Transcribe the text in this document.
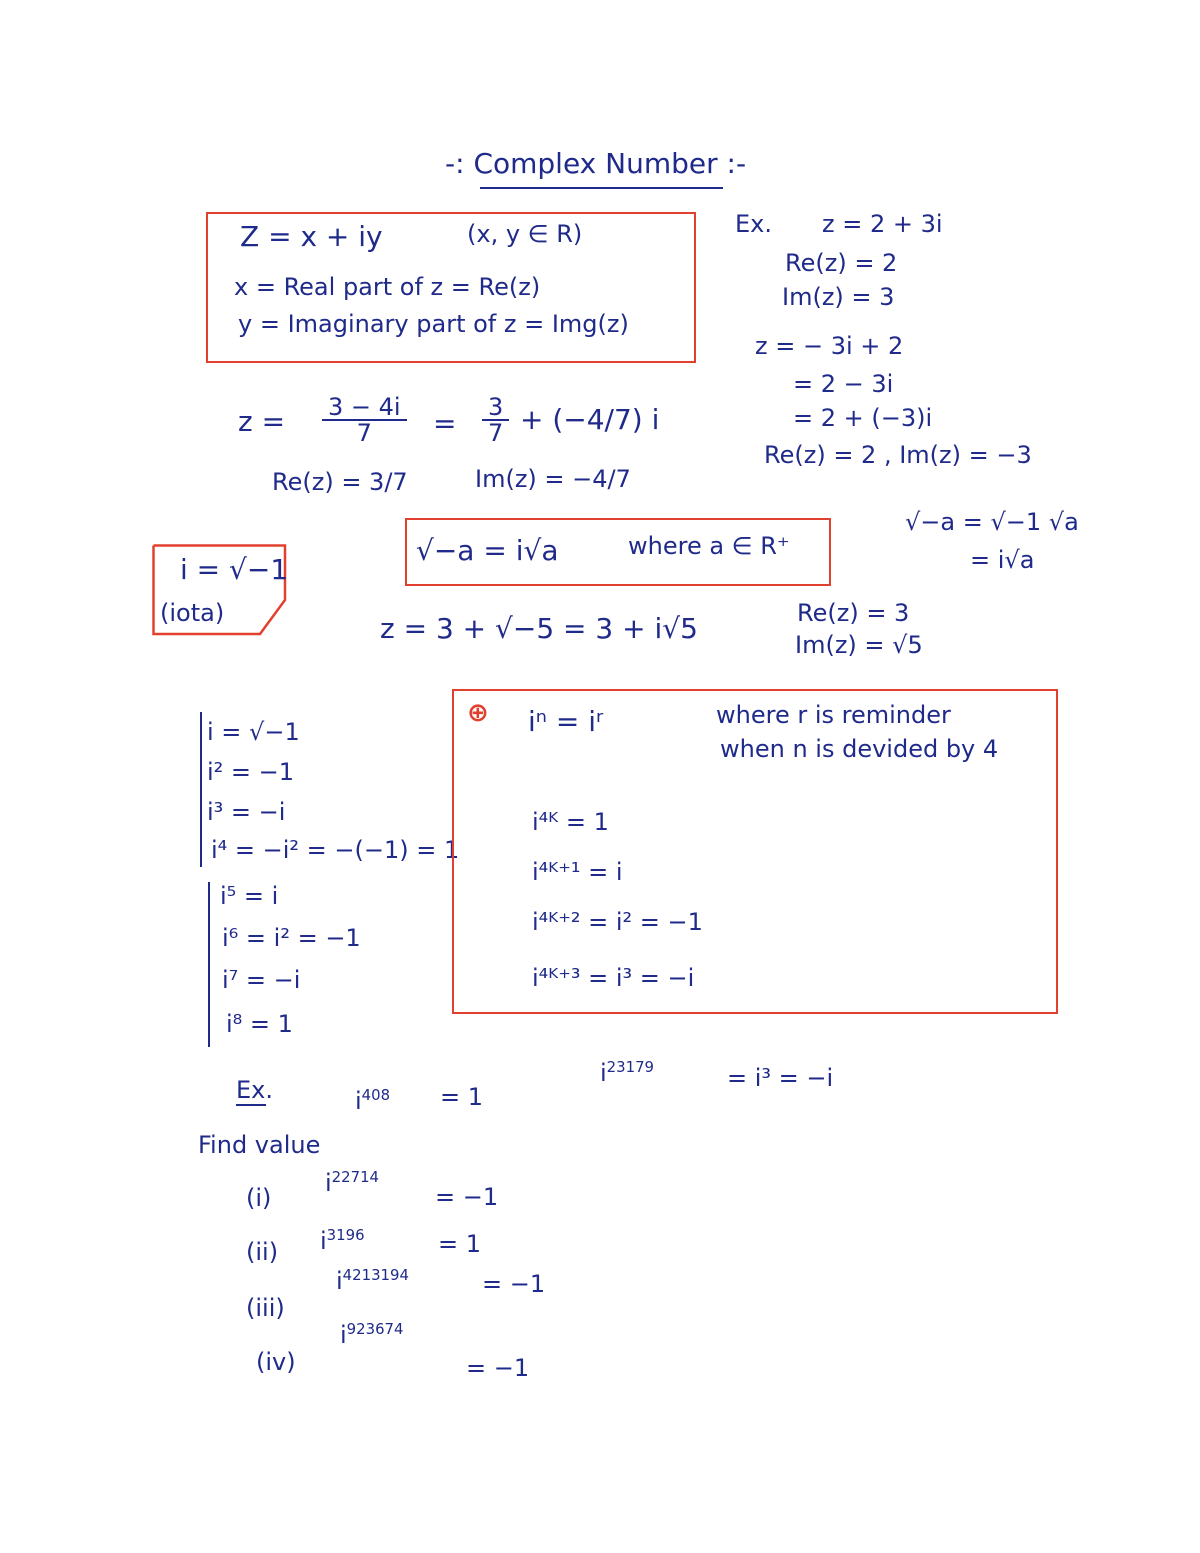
-: Complex Number :-
Z = x + iy	(x, y ∈ R)
x = Real part of z = Re(z)
y = Imaginary part of z = Img(z)
Ex. z = 2 + 3i
Re(z) = 2
Im(z) = 3
z = − 3i + 2
= 2 − 3i
= 2 + (−3)i
Re(z) = 2 , Im(z) = −3
$z = \frac{3 - 4i}{7} = \frac{3}{7} + (-4/7)$ i
Re(z) = 3/7	Im(z) = −4/7
√−a = √−1 √a
= i√a
i = √−1
(iota)
√−a = i√a	where a ∈ R⁺
z = 3 + √−5 = 3 + i√5	Re(z) = 3
Im(z) = √5
i = √−1
i² = −1
i³ = −i
i⁴ = −i² = −(−1) = 1
i⁵ = i
i⁶ = i² = −1
i⁷ = −i
i⁸ = 1
⊕ iⁿ = iʳ	where r is reminder
when n is devided by 4
i⁴ᴷ = 1
i⁴ᴷ⁺¹ = i
i⁴ᴷ⁺² = i² = −1
i⁴ᴷ⁺³ = i³ = −i
Ex.	$i^{408} = 1$
$i^{23179}$	= i³ = −i
Find value
(i)
$i^{22714}$
= −1
(ii) $i^{3196}$	= 1
(iii)
$i^{4213194}$	= −1
(iv)
$i^{923674}$
= −1
